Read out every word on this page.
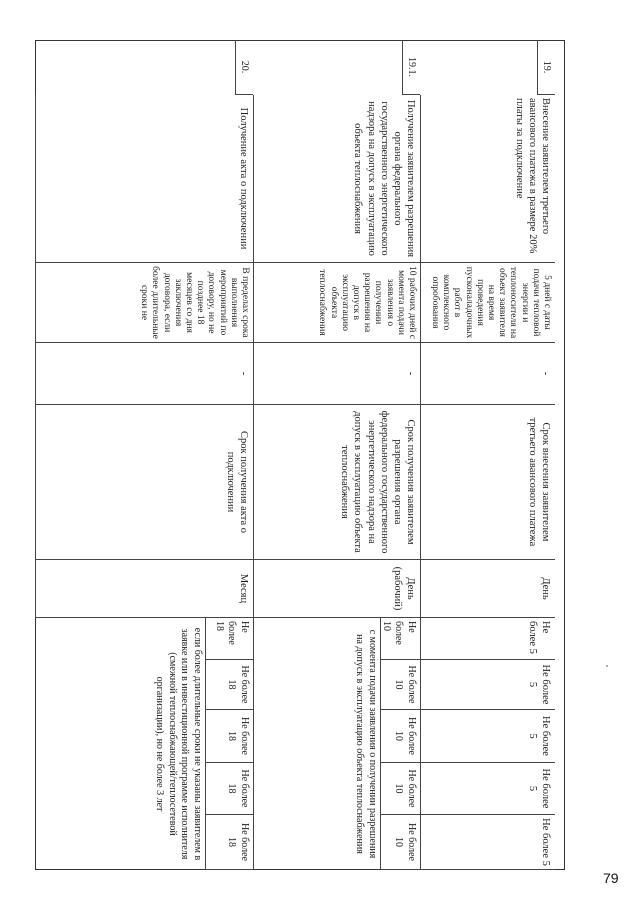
19.
Внесение заявителем третьего авансового платежа в размере 20% платы за подключение
5 дней с даты подачи тепловой энергии и теплоносителя на объект заявителя на время проведения пусконаладочных работ в комплексного опробования
-
Срок внесения заявителем третьего авансового платежа
День
Не более 5
Не более 5
Не более 5
Не более 5
Не более 5
19.1.
Получение заявителем разрешения органа федерального государственного энергетического надзора на допуск в эксплуатацию объекта теплоснабжения
10 рабочих дней с момента подачи заявления о получении разрешения на допуск в эксплуатацию объекта теплоснабжения
-
Срок получения заявителем разрешения органа федерального государственного энергетического надзора на допуск в эксплуатацию объекта теплоснабжения
День (рабочий)
Не более 10
Не более 10
Не более 10
Не более 10
Не более 10
с момента подачи заявления о получении разрешения на допуск в эксплуатацию объекта теплоснабжения
20.
Получение акта о подключении
В пределах срока выполнения мероприятий по договору, но не позднее 18 месяцев со дня заключения договора, если более длительные сроки не
-
Срок получения акта о подключении
Месяц
Не более 18
Не более 18
Не более 18
Не более 18
Не более 18
если более длительные сроки не указаны заявителем в заявке или в инвестиционной программе исполнителя (смежной теплоснабжающей/теплосетевой организации), но не более 3 лет
79
